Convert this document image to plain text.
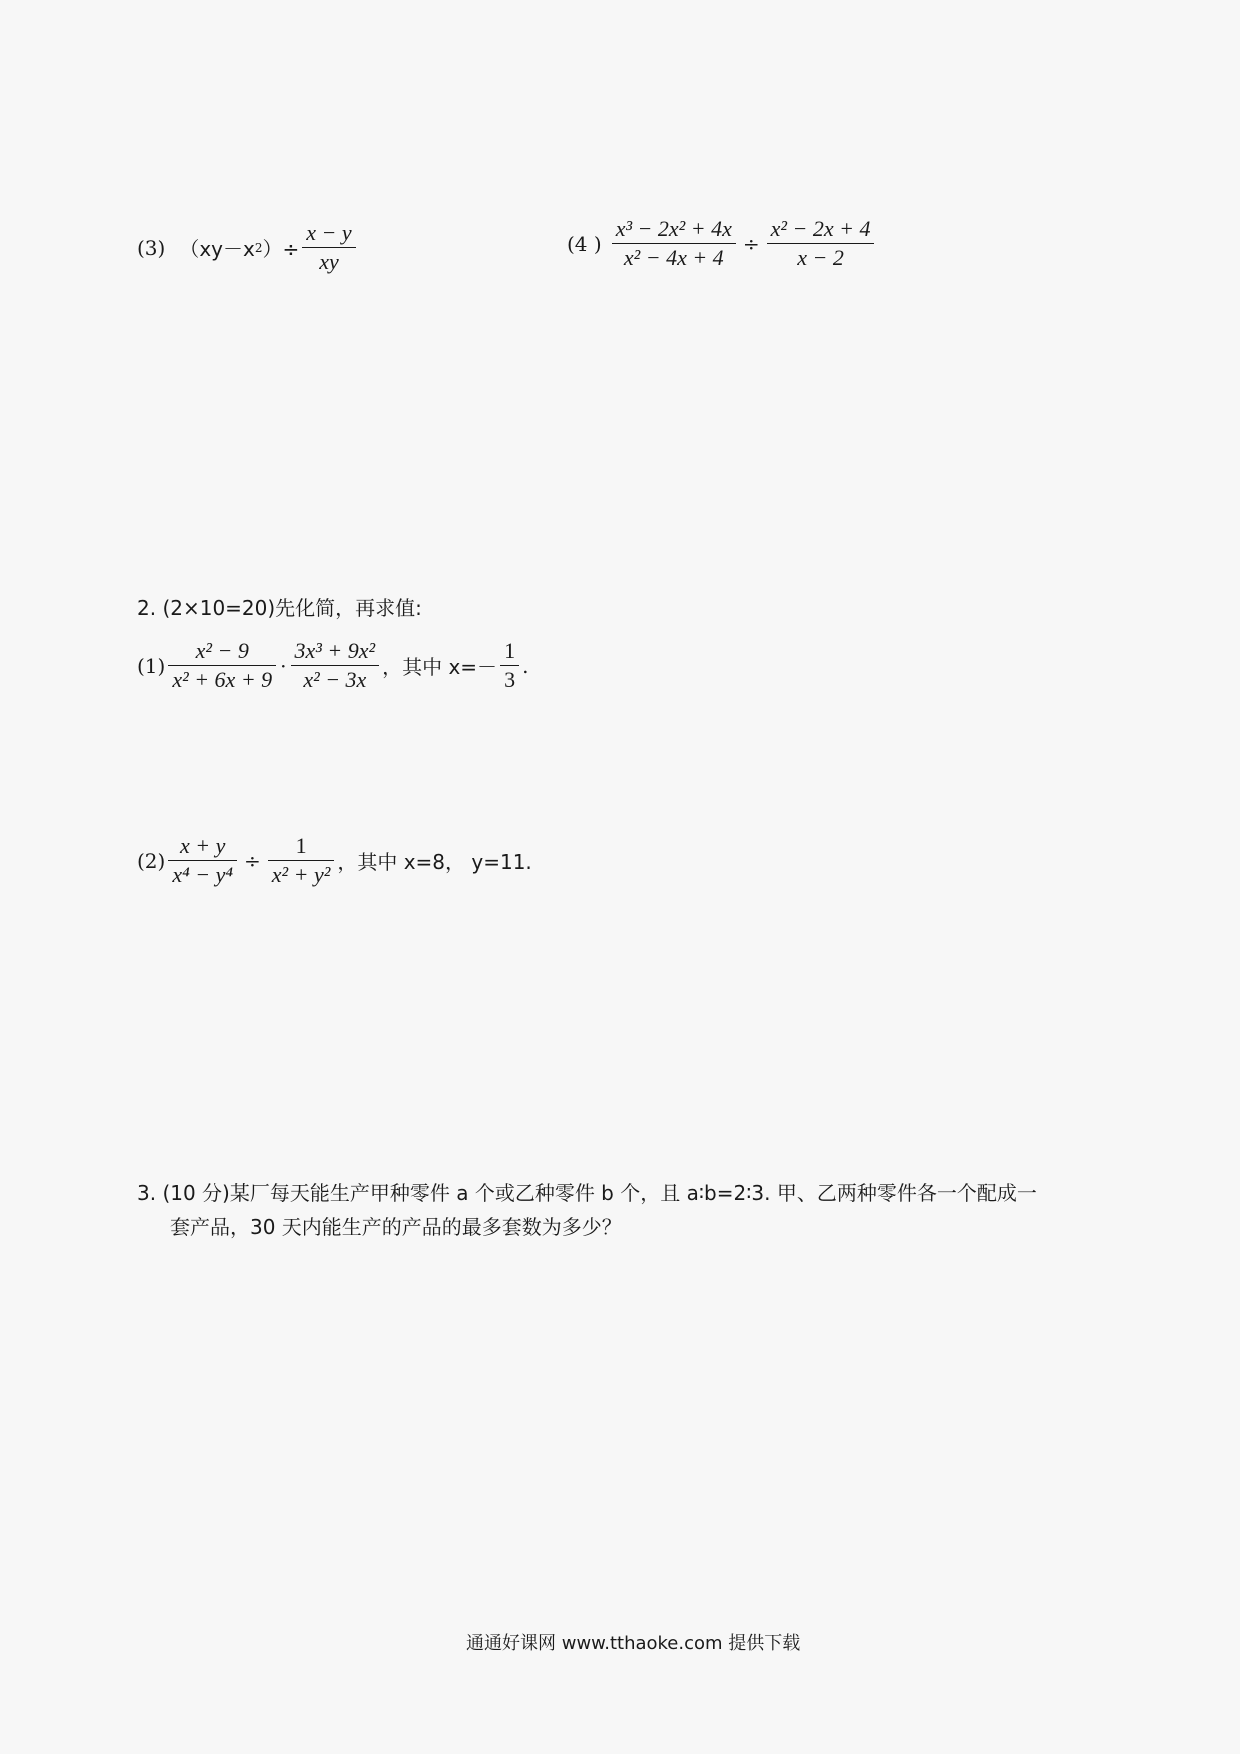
(3) （xy－x 2 ）÷ $\frac{x - y}{xy}$	(4 ) $\frac{\text{x³ − 2x² + 4x}}{\text{x² − 4x + 4}} \div \frac{\text{x² − 2x + 4}}{x - 2}$
2. (2×10=20)先化简，再求值:
$(1) \frac{\text{x² − 9}}{\text{x² + 6x + 9}} \cdot \frac{\text{3x³ + 9x²}}{\text{x² − 3x}}$ ，其中 $x=- \frac{1}{3}$ .
$(2) \frac{x + y}{\text{x⁴ − y⁴}} \div \frac{1}{\text{x² + y²}}$ ，其中 x=8， y=11.
3. (10 分)某厂每天能生产甲种零件 a 个或乙种零件 b 个，且 a∶b=2∶3. 甲、乙两种零件各一个配成一
套产品，30 天内能生产的产品的最多套数为多少？
通通好课网 www.tthaoke.com 提供下载
